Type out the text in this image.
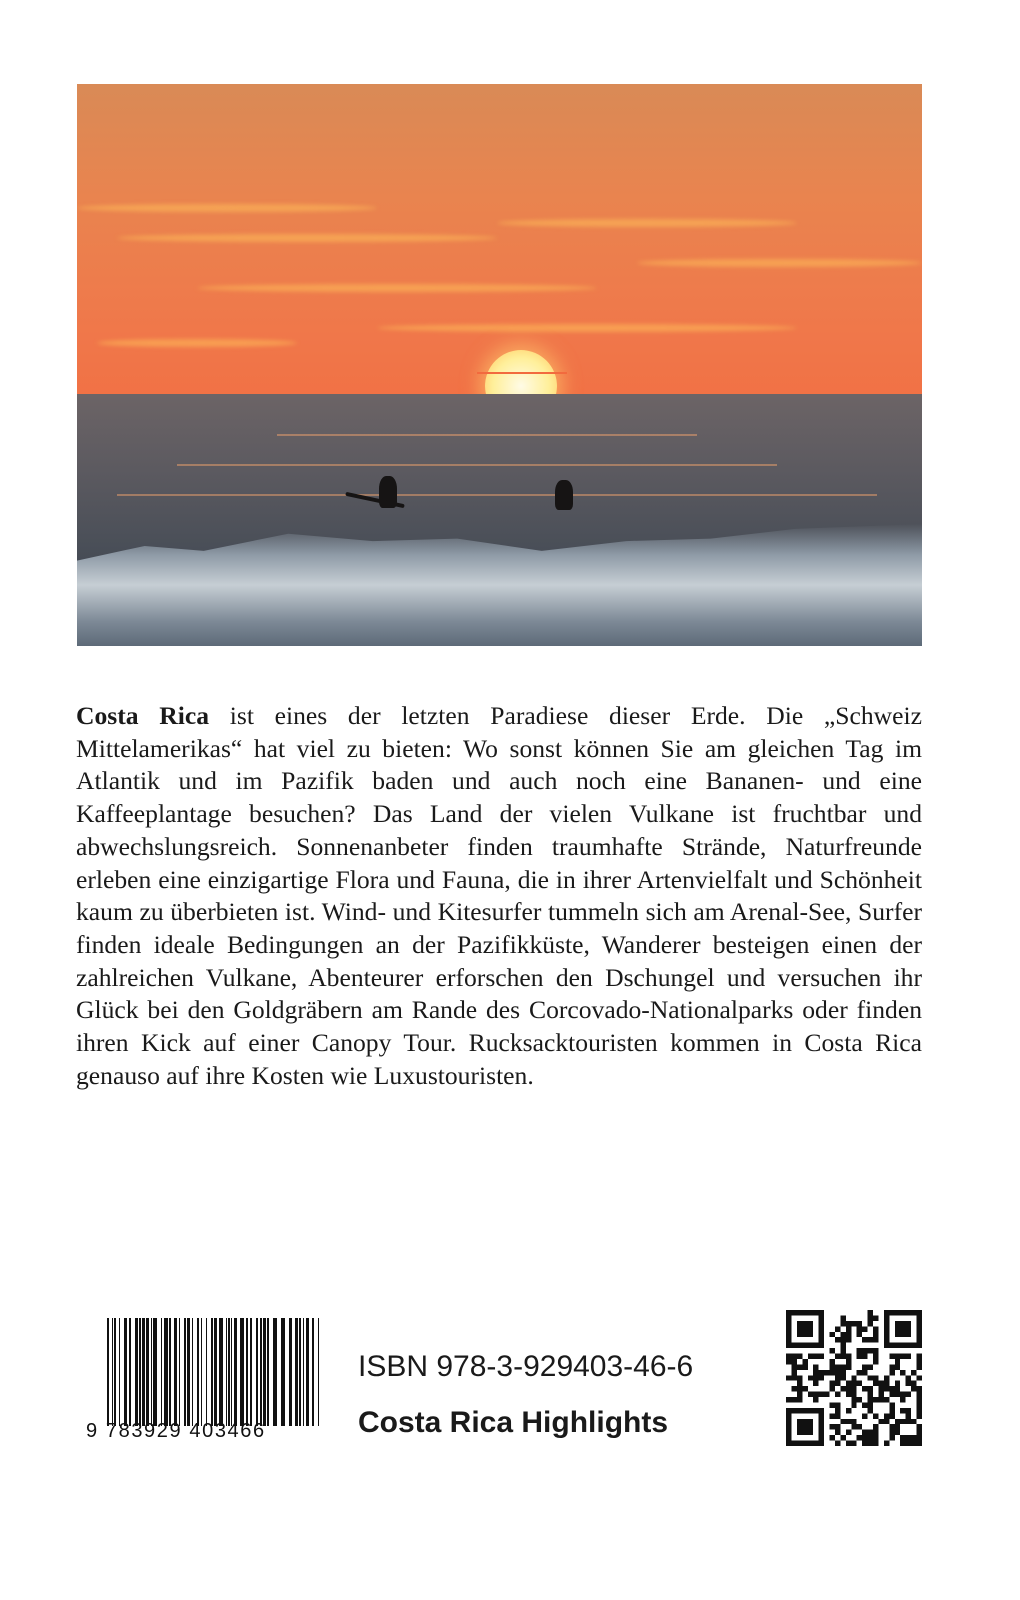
Costa Rica ist eines der letzten Paradiese dieser Erde. Die „Schweiz Mittelamerikas“ hat viel zu bieten: Wo sonst können Sie am gleichen Tag im Atlantik und im Pazifik baden und auch noch eine Bananen- und eine Kaffeeplantage besuchen? Das Land der vielen Vulkane ist fruchtbar und abwechslungsreich. Sonnenanbeter finden traumhafte Strände, Naturfreunde erleben eine einzigartige Flora und Fauna, die in ihrer Artenvielfalt und Schönheit kaum zu überbieten ist. Wind- und Kitesurfer tummeln sich am Arenal-See, Surfer finden ideale Bedingungen an der Pazifikküste, Wanderer besteigen einen der zahlreichen Vulkane, Abenteurer erforschen den Dschungel und versuchen ihr Glück bei den Goldgräbern am Rande des Corcovado-Nationalparks oder finden ihren Kick auf einer Canopy Tour. Rucksacktouristen kommen in Costa Rica genauso auf ihre Kosten wie Luxustouristen.

9 783929 403466
ISBN 978-3-929403-46-6
Costa Rica Highlights
